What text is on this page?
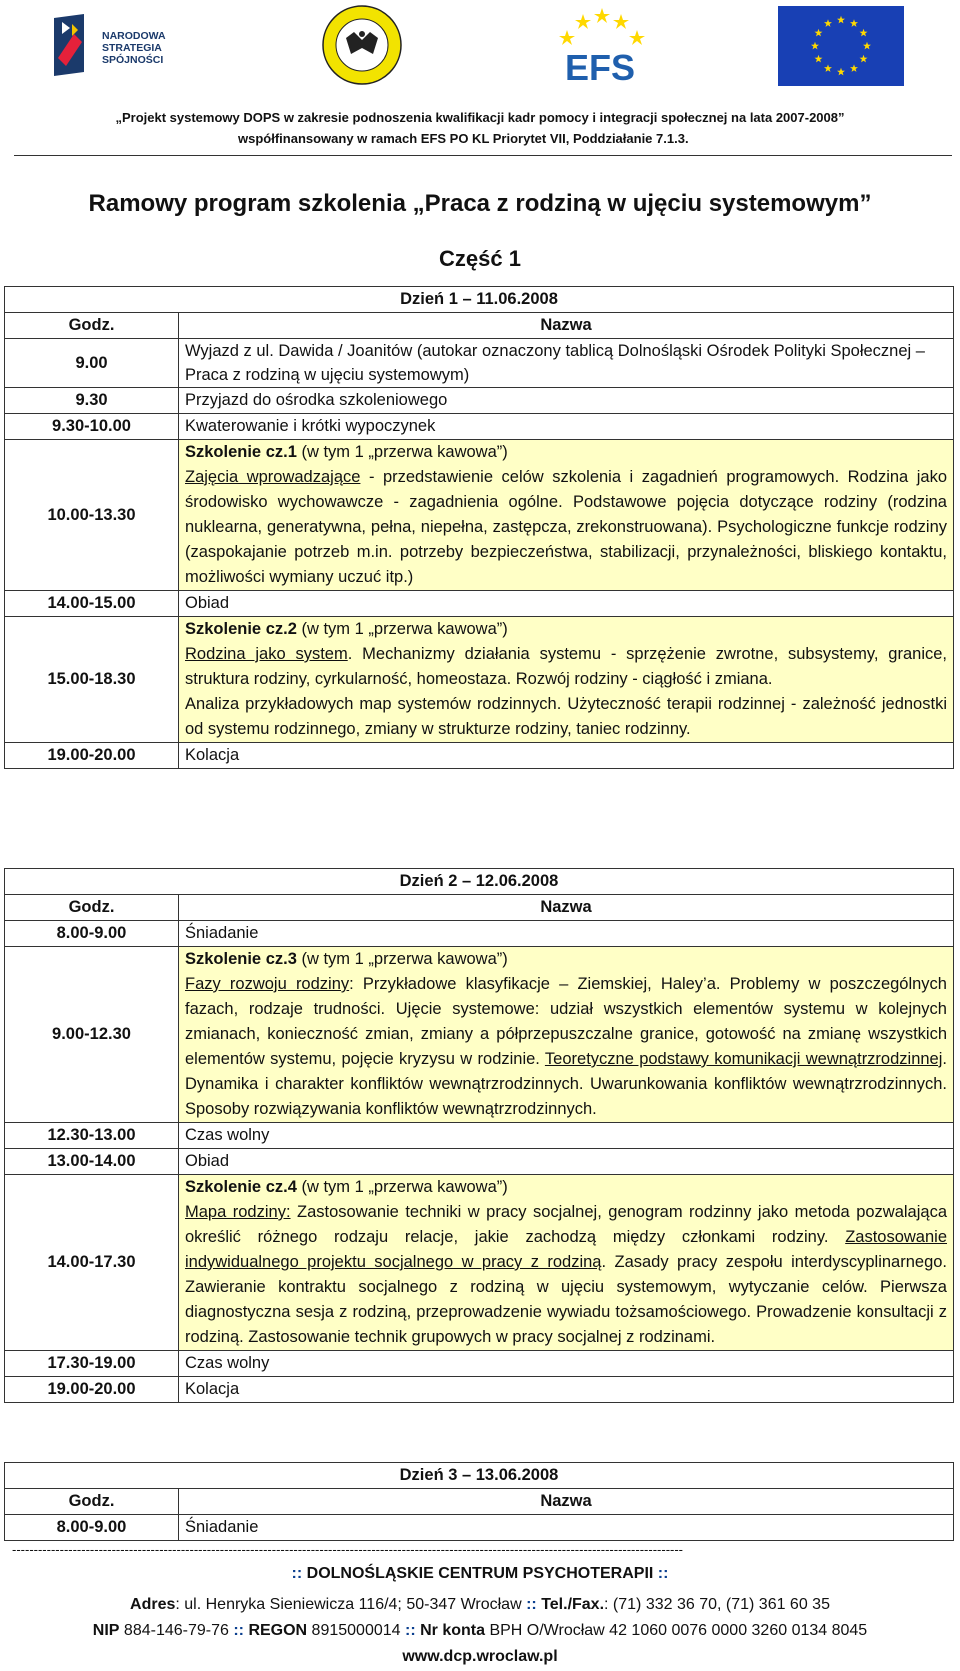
NARODOWA
STRATEGIA SPÓJNOŚCI	EFS
„Projekt systemowy DOPS w zakresie podnoszenia kwalifikacji kadr pomocy i integracji społecznej na lata 2007-2008”
współfinansowany w ramach EFS PO KL Priorytet VII, Poddziałanie 7.1.3.
Ramowy program szkolenia „Praca z rodziną w ujęciu systemowym”
Część 1
Dzień 1 – 11.06.2008	
Godz.	Nazwa
9.00	Wyjazd z ul. Dawida / Joanitów (autokar oznaczony tablicą Dolnośląski Ośrodek Polityki Społecznej – Praca z rodziną w ujęciu systemowym)
9.30	Przyjazd do ośrodka szkoleniowego
9.30-10.00	Kwaterowanie i krótki wypoczynek
10.00-13.30	Szkolenie cz.1 (w tym 1 „przerwa kawowa”)
Zajęcia wprowadzające - przedstawienie celów szkolenia i zagadnień programowych. Rodzina jako środowisko wychowawcze - zagadnienia ogólne. Podstawowe pojęcia dotyczące rodziny (rodzina nuklearna, generatywna, pełna, niepełna, zastępcza, zrekonstruowana). Psychologiczne funkcje rodziny (zaspokajanie potrzeb m.in. potrzeby bezpieczeństwa, stabilizacji, przynależności, bliskiego kontaktu, możliwości wymiany uczuć itp.)

14.00-15.00	Obiad
15.00-18.30	Szkolenie cz.2 (w tym 1 „przerwa kawowa”)
Rodzina jako system. Mechanizmy działania systemu - sprzężenie zwrotne, subsystemy, granice, struktura rodziny, cyrkularność, homeostaza. Rozwój rodziny - ciągłość i zmiana.
Analiza przykładowych map systemów rodzinnych. Użyteczność terapii rodzinnej - zależność jednostki od systemu rodzinnego, zmiany w strukturze rodziny, taniec rodzinny.

19.00-20.00	Kolacja
Dzień 2 – 12.06.2008	
Godz.	Nazwa
8.00-9.00	Śniadanie
9.00-12.30	Szkolenie cz.3 (w tym 1 „przerwa kawowa”)
Fazy rozwoju rodziny: Przykładowe klasyfikacje – Ziemskiej, Haley’a. Problemy w poszczególnych fazach, rodzaje trudności. Ujęcie systemowe: udział wszystkich elementów systemu w kolejnych zmianach, konieczność zmian, zmiany a półprzepuszczalne granice, gotowość na zmianę wszystkich elementów systemu, pojęcie kryzysu w rodzinie. Teoretyczne podstawy komunikacji wewnątrzrodzinnej. Dynamika i charakter konfliktów wewnątrzrodzinnych. Uwarunkowania konfliktów wewnątrzrodzinnych. Sposoby rozwiązywania konfliktów wewnątrzrodzinnych.

12.30-13.00	Czas wolny
13.00-14.00	Obiad
14.00-17.30	Szkolenie cz.4 (w tym 1 „przerwa kawowa”)
Mapa rodziny: Zastosowanie techniki w pracy socjalnej, genogram rodzinny jako metoda pozwalająca określić różnego rodzaju relacje, jakie zachodzą między członkami rodziny. Zastosowanie indywidualnego projektu socjalnego w pracy z rodziną. Zasady pracy zespołu interdyscyplinarnego. Zawieranie kontraktu socjalnego z rodziną w ujęciu systemowym, wytyczanie celów. Pierwsza diagnostyczna sesja z rodziną, przeprowadzenie wywiadu tożsamościowego. Prowadzenie konsultacji z rodziną. Zastosowanie technik grupowych w pracy socjalnej z rodzinami.

17.30-19.00	Czas wolny
19.00-20.00	Kolacja
Dzień 3 – 13.06.2008	
Godz.	Nazwa
8.00-9.00	Śniadanie
-----------------------------------------------------------------------------------------------------------------------------------------------------------
:: DOLNOŚLĄSKIE CENTRUM PSYCHOTERAPII ::
Adres: ul. Henryka Sieniewicza 116/4; 50-347 Wrocław :: Tel./Fax.: (71) 332 36 70, (71) 361 60 35
NIP 884-146-79-76 :: REGON 8915000014 :: Nr konta BPH O/Wrocław 42 1060 0076 0000 3260 0134 8045
www.dcp.wroclaw.pl
